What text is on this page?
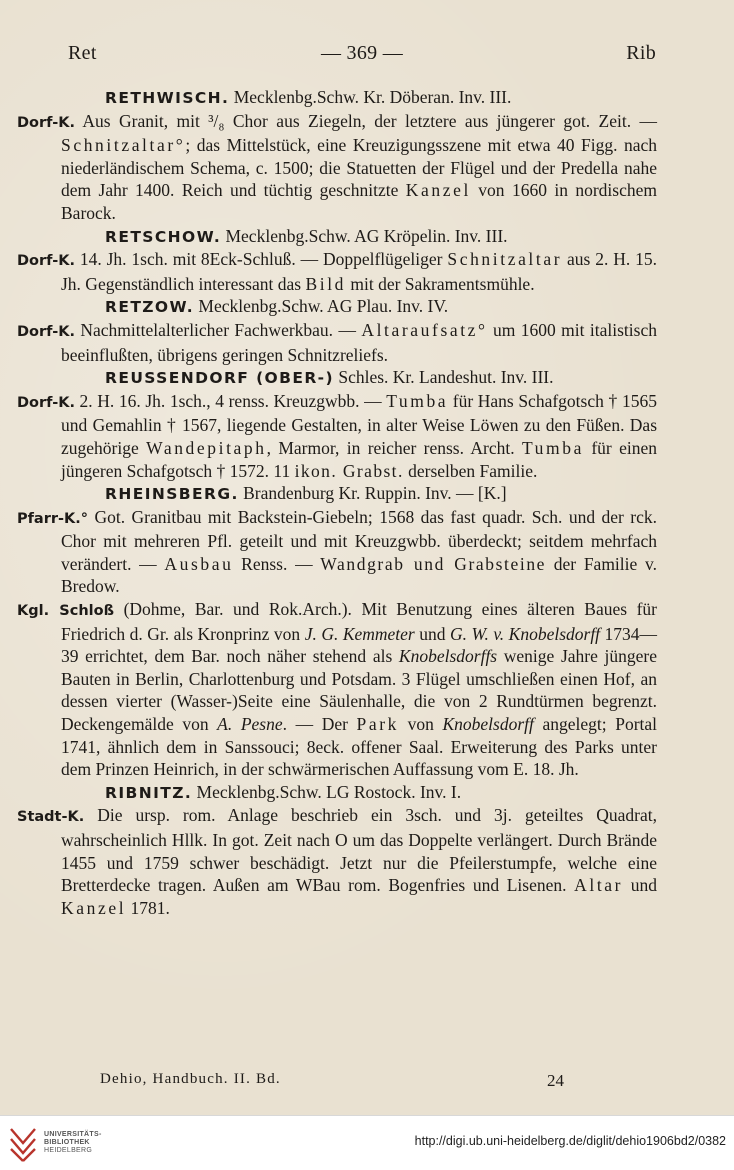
Ret	— 369 —	Rib

RETHWISCH. Mecklenbg.Schw. Kr. Döberan. Inv. III.
Dorf-K. Aus Granit, mit ³/₈ Chor aus Ziegeln, der letztere aus jüngerer got. Zeit. — Schnitzaltar°; das Mittelstück, eine Kreuzigungsszene mit etwa 40 Figg. nach niederländischem Schema, c. 1500; die Statuetten der Flügel und der Predella nahe dem Jahr 1400. Reich und tüchtig geschnitzte Kanzel von 1660 in nordischem Barock.

RETSCHOW. Mecklenbg.Schw. AG Kröpelin. Inv. III.
Dorf-K. 14. Jh. 1sch. mit 8Eck-Schluß. — Doppelflügeliger Schnitzaltar aus 2. H. 15. Jh. Gegenständlich interessant das Bild mit der Sakramentsmühle.

RETZOW. Mecklenbg.Schw. AG Plau. Inv. IV.
Dorf-K. Nachmittelalterlicher Fachwerkbau. — Altaraufsatz° um 1600 mit italistisch beeinflußten, übrigens geringen Schnitzreliefs.

REUSSENDORF (OBER-) Schles. Kr. Landeshut. Inv. III.
Dorf-K. 2. H. 16. Jh. 1sch., 4 renss. Kreuzgwbb. — Tumba für Hans Schafgotsch † 1565 und Gemahlin † 1567, liegende Gestalten, in alter Weise Löwen zu den Füßen. Das zugehörige Wandepitaph, Marmor, in reicher renss. Archt. Tumba für einen jüngeren Schafgotsch † 1572. 11 ikon. Grabst. derselben Familie.

RHEINSBERG. Brandenburg Kr. Ruppin. Inv. — [K.]
Pfarr-K.° Got. Granitbau mit Backstein-Giebeln; 1568 das fast quadr. Sch. und der rck. Chor mit mehreren Pfl. geteilt und mit Kreuzgwbb. überdeckt; seitdem mehrfach verändert. — Ausbau Renss. — Wandgrab und Grabsteine der Familie v. Bredow.
Kgl. Schloß (Dohme, Bar. und Rok.Arch.). Mit Benutzung eines älteren Baues für Friedrich d. Gr. als Kronprinz von J. G. Kemmeter und G. W. v. Knobelsdorff 1734—39 errichtet, dem Bar. noch näher stehend als Knobelsdorffs wenige Jahre jüngere Bauten in Berlin, Charlottenburg und Potsdam. 3 Flügel umschließen einen Hof, an dessen vierter (Wasser-)Seite eine Säulenhalle, die von 2 Rundtürmen begrenzt. Deckengemälde von A. Pesne. — Der Park von Knobelsdorff angelegt; Portal 1741, ähnlich dem in Sanssouci; 8eck. offener Saal. Erweiterung des Parks unter dem Prinzen Heinrich, in der schwärmerischen Auffassung vom E. 18. Jh.

RIBNITZ. Mecklenbg.Schw. LG Rostock. Inv. I.
Stadt-K. Die ursp. rom. Anlage beschrieb ein 3sch. und 3j. geteiltes Quadrat, wahrscheinlich Hllk. In got. Zeit nach O um das Doppelte verlängert. Durch Brände 1455 und 1759 schwer beschädigt. Jetzt nur die Pfeilerstumpfe, welche eine Bretterdecke tragen. Außen am WBau rom. Bogenfries und Lisenen. Altar und Kanzel 1781.

Dehio, Handbuch. II. Bd.	24
UNIVERSITÄTS-
BIBLIOTHEK
HEIDELBERG
http://digi.ub.uni-heidelberg.de/diglit/dehio1906bd2/0382
